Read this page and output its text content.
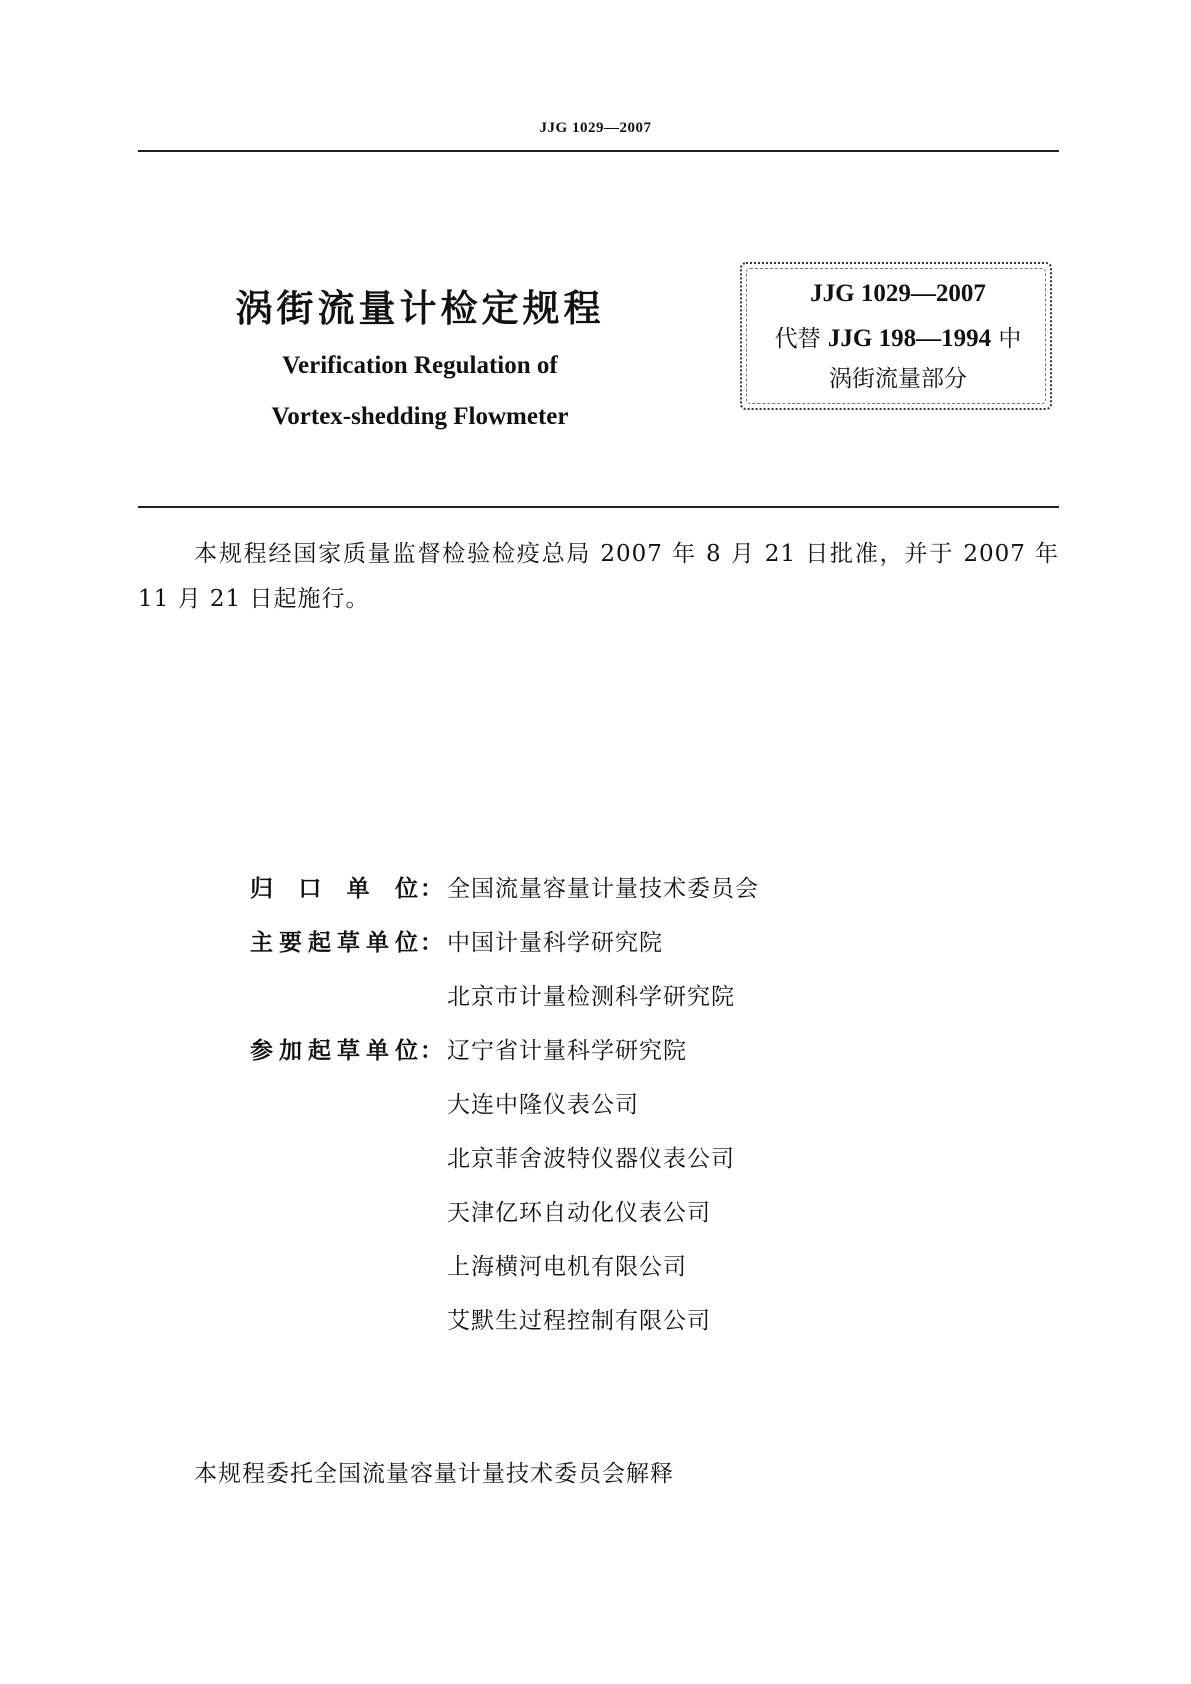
JJG 1029—2007
涡街流量计检定规程
Verification Regulation of
Vortex-shedding Flowmeter
JJG 1029—2007
代替 JJG 198—1994 中
涡街流量部分
本规程经国家质量监督检验检疫总局 2007 年 8 月 21 日批准，并于 2007 年 11 月 21 日起施行。
归 口 单 位 ： 全国流量容量计量技术委员会
主 要 起 草 单 位 ： 中国计量科学研究院
北京市计量检测科学研究院
参 加 起 草 单 位 ： 辽宁省计量科学研究院
大连中隆仪表公司
北京菲舍波特仪器仪表公司
天津亿环自动化仪表公司
上海横河电机有限公司
艾默生过程控制有限公司
本规程委托全国流量容量计量技术委员会解释
